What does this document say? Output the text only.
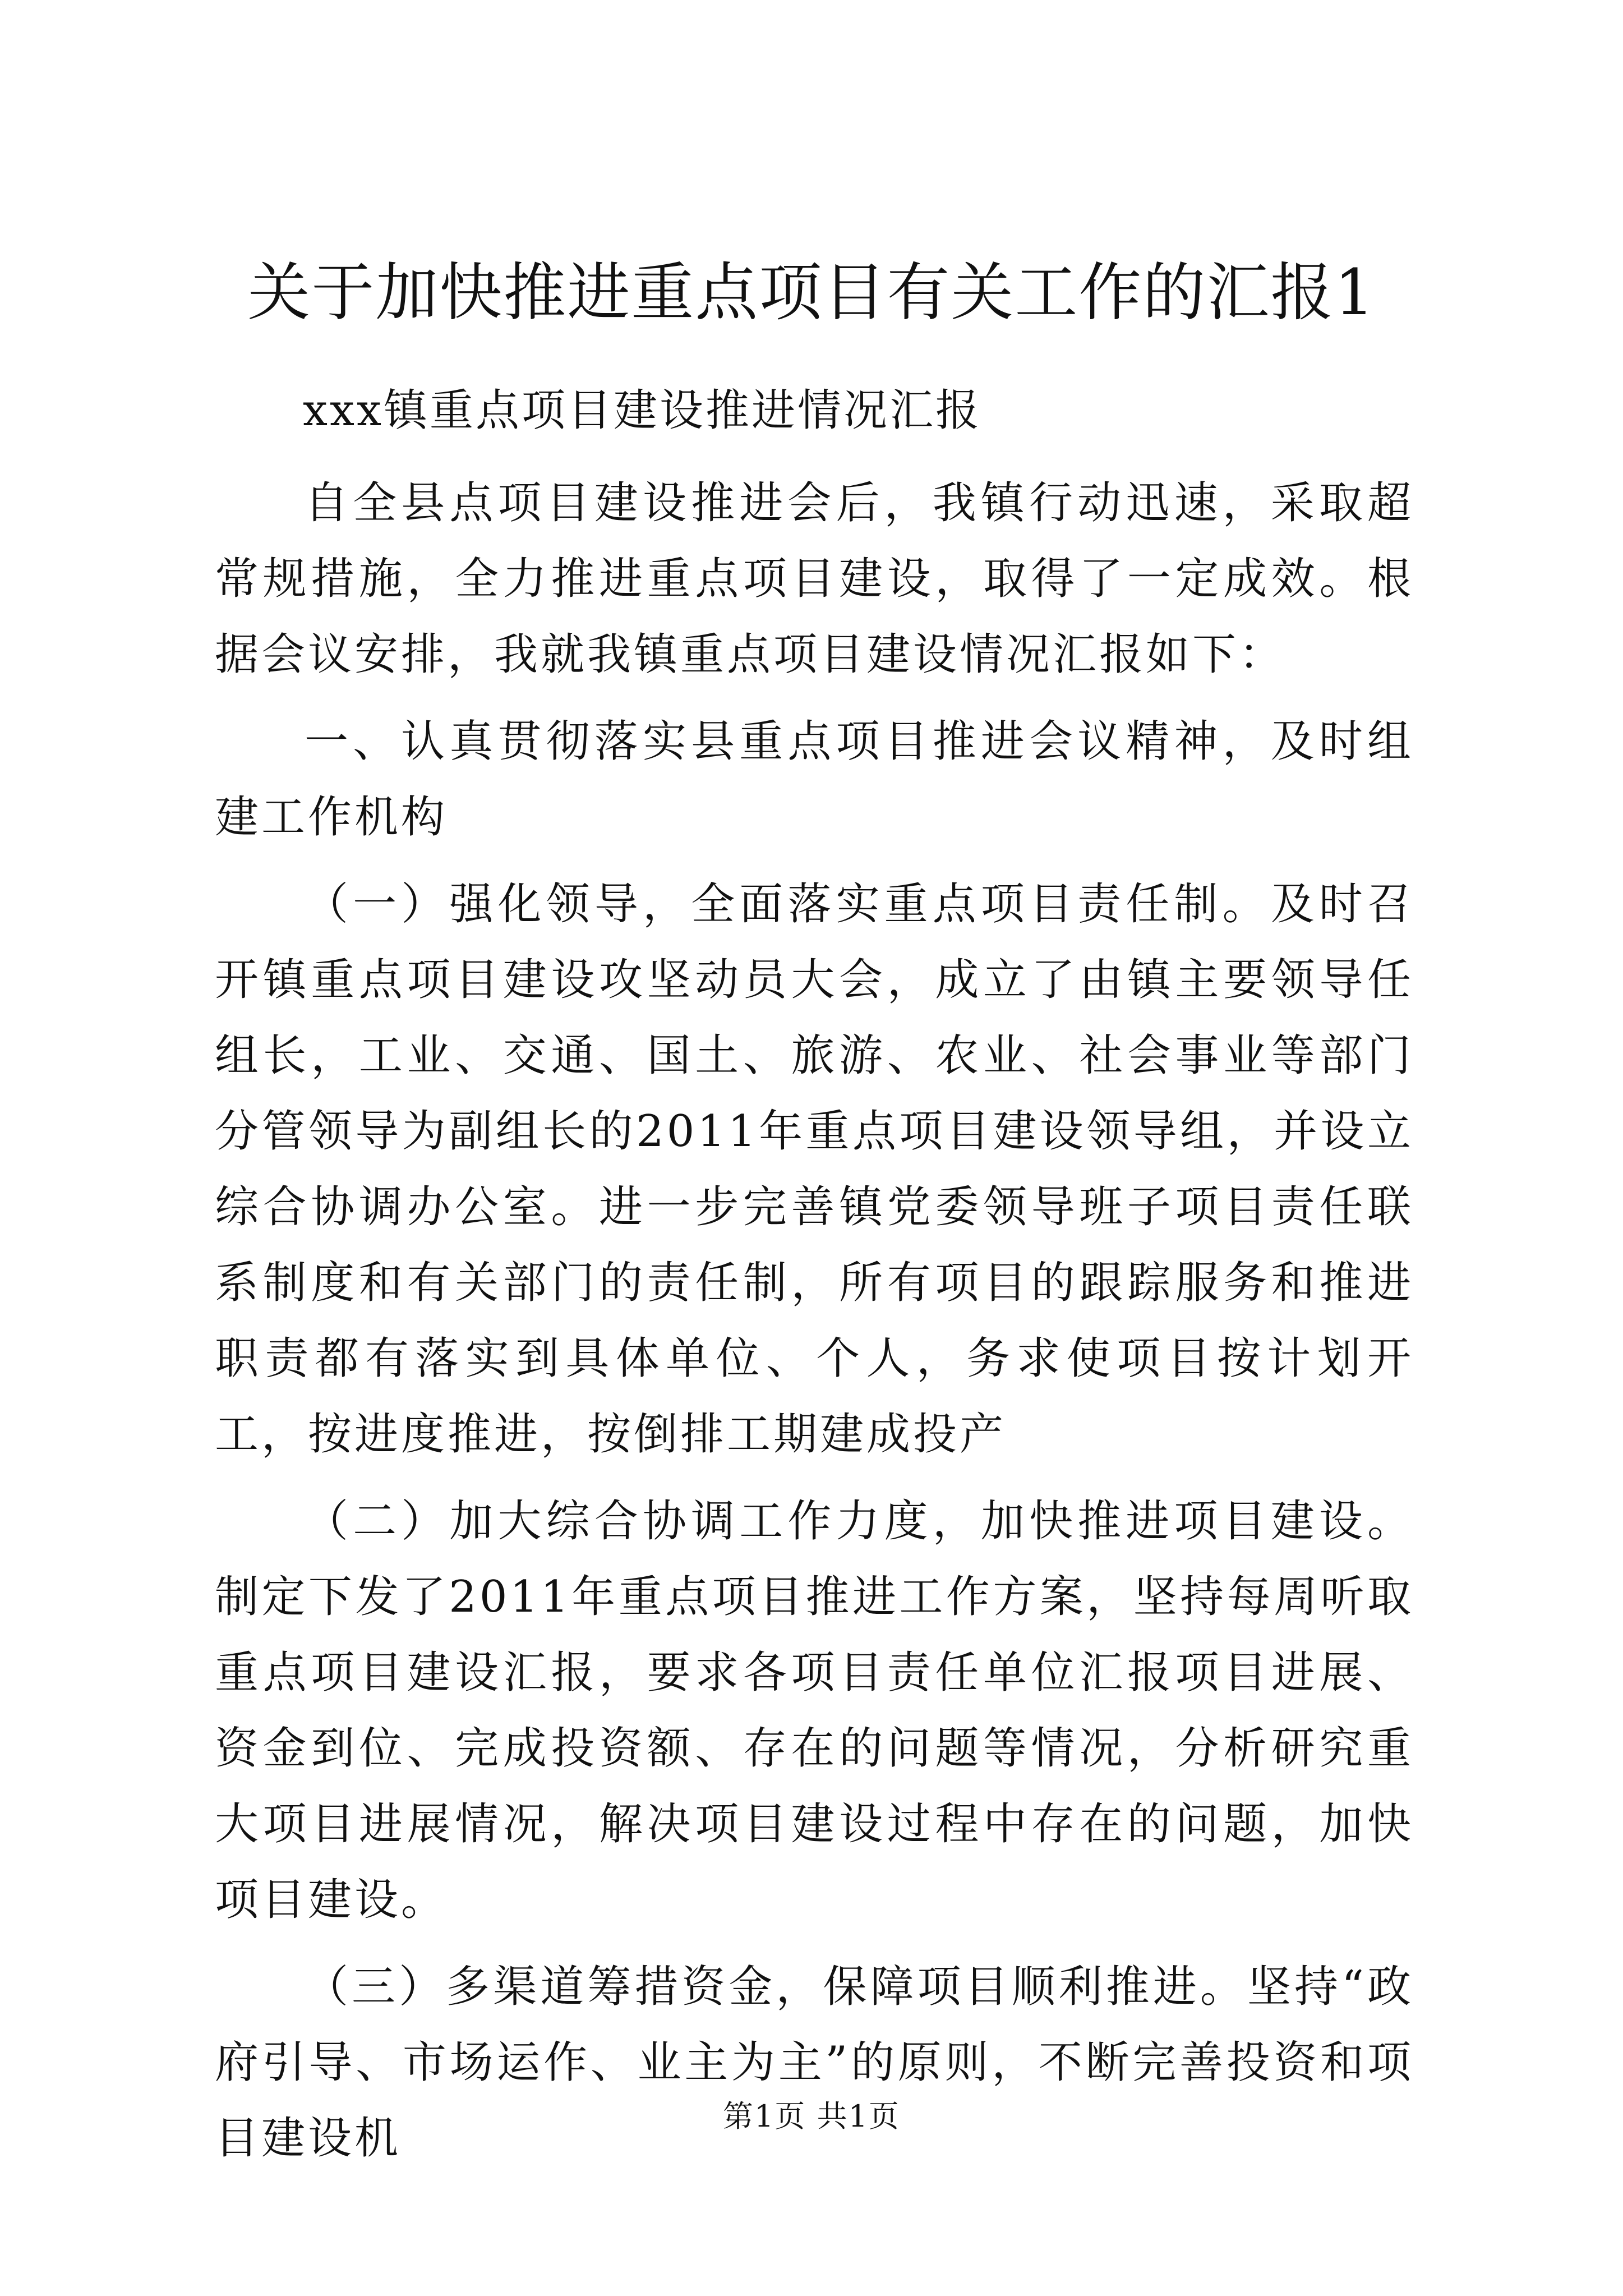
关于加快推进重点项目有关工作的汇报1
xxx镇重点项目建设推进情况汇报

自全县点项目建设推进会后，我镇行动迅速，采取超常规措施，全力推进重点项目建设，取得了一定成效。根据会议安排，我就我镇重点项目建设情况汇报如下：

一、认真贯彻落实县重点项目推进会议精神，及时组建工作机构

（一）强化领导，全面落实重点项目责任制。及时召开镇重点项目建设攻坚动员大会，成立了由镇主要领导任组长，工业、交通、国土、旅游、农业、社会事业等部门分管领导为副组长的2011年重点项目建设领导组，并设立综合协调办公室。进一步完善镇党委领导班子项目责任联系制度和有关部门的责任制，所有项目的跟踪服务和推进职责都有落实到具体单位、个人，务求使项目按计划开工，按进度推进，按倒排工期建成投产

（二）加大综合协调工作力度，加快推进项目建设。制定下发了2011年重点项目推进工作方案，坚持每周听取重点项目建设汇报，要求各项目责任单位汇报项目进展、资金到位、完成投资额、存在的问题等情况，分析研究重大项目进展情况，解决项目建设过程中存在的问题，加快项目建设。

（三）多渠道筹措资金，保障项目顺利推进。坚持“政府引导、市场运作、业主为主”的原则，不断完善投资和项目建设机	第1页 共1页
